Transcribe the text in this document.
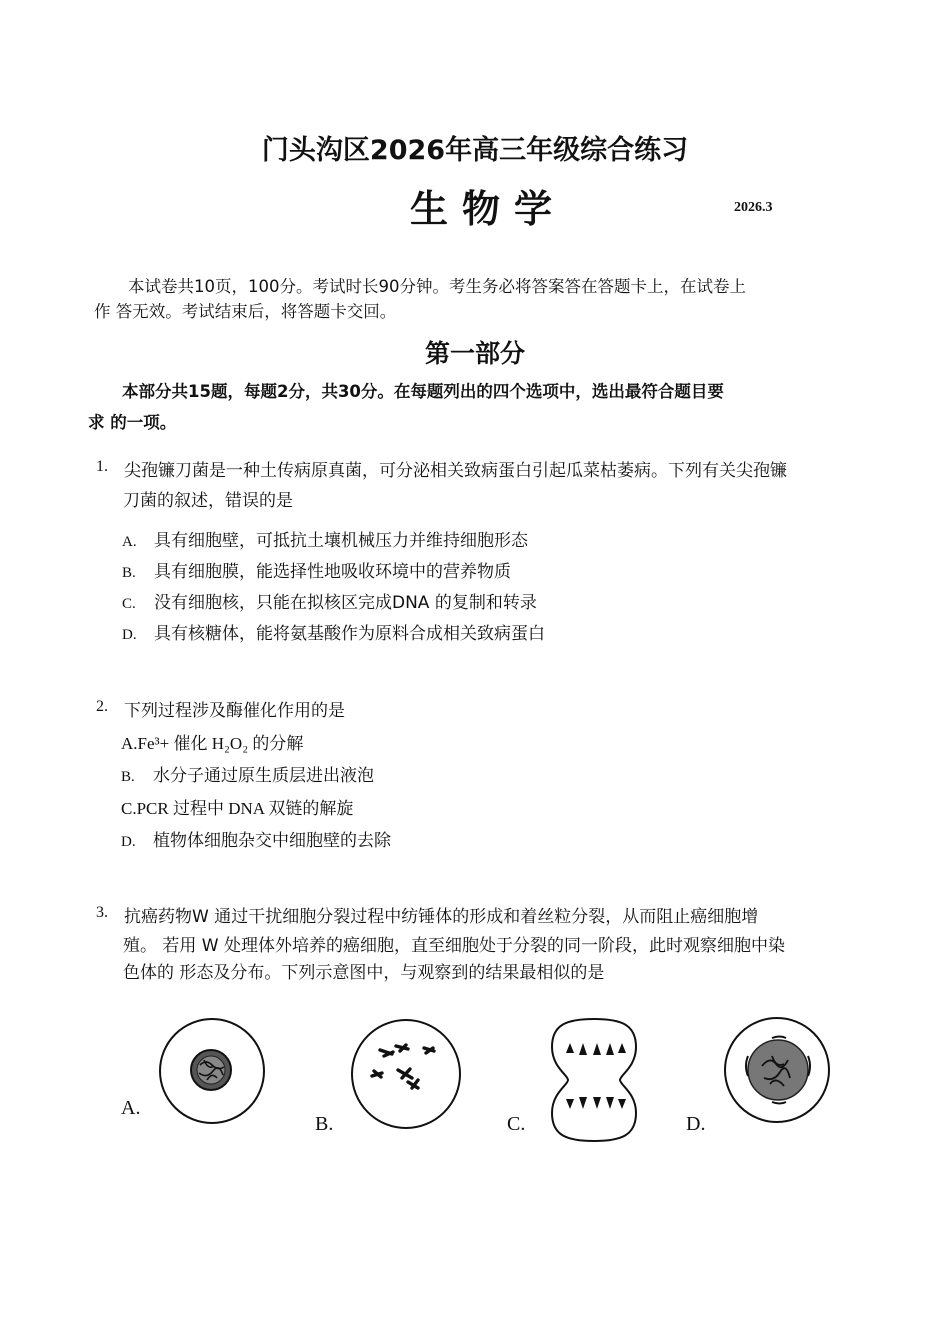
门头沟区2026年高三年级综合练习
生物学	2026.3
本试卷共10页，100分。考试时长90分钟。考生务必将答案答在答题卡上，在试卷上
作 答无效。考试结束后，将答题卡交回。
第一部分
本部分共15题，每题2分，共30分。在每题列出的四个选项中，选出最符合题目要
求 的一项。
1. 尖孢镰刀菌是一种土传病原真菌，可分泌相关致病蛋白引起瓜菜枯萎病。下列有关尖孢镰
刀菌的叙述，错误的是
A. 具有细胞壁，可抵抗土壤机械压力并维持细胞形态
B. 具有细胞膜，能选择性地吸收环境中的营养物质
C. 没有细胞核，只能在拟核区完成DNA 的复制和转录
D. 具有核糖体，能将氨基酸作为原料合成相关致病蛋白
2. 下列过程涉及酶催化作用的是
A.Fe³+ 催化 H₂O₂ 的分解
B. 水分子通过原生质层进出液泡
C.PCR 过程中 DNA 双链的解旋
D. 植物体细胞杂交中细胞壁的去除
3. 抗癌药物W 通过干扰细胞分裂过程中纺锤体的形成和着丝粒分裂，从而阻止癌细胞增
殖。 若用 W 处理体外培养的癌细胞，直至细胞处于分裂的同一阶段，此时观察细胞中染
色体的 形态及分布。下列示意图中，与观察到的结果最相似的是
A.
B.	C.	D.
